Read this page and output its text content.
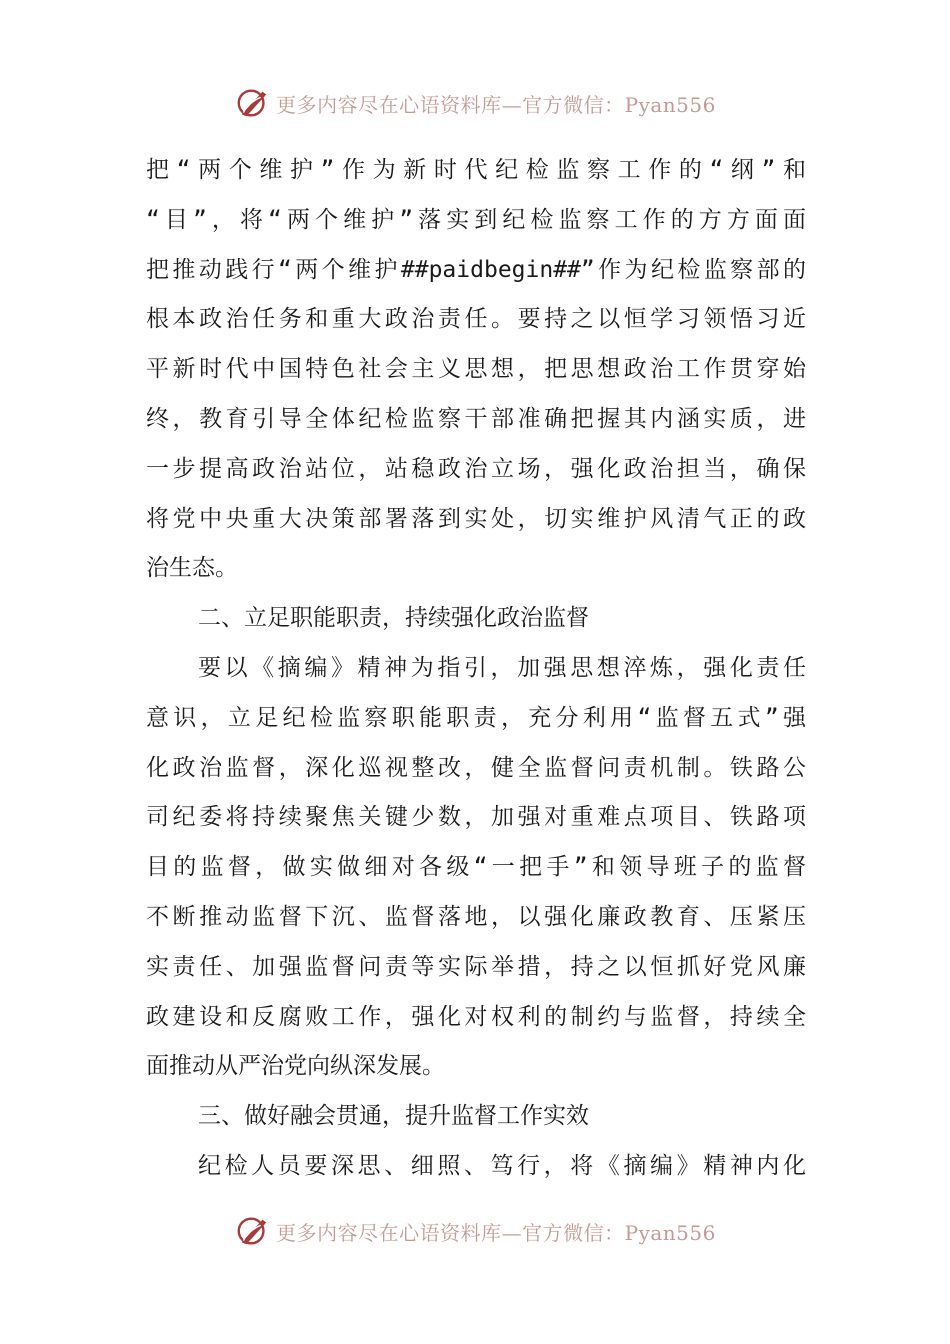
更多内容尽在心语资料库—官方微信：Pyan556
把“两个维护”作为新时代纪检监察工作的“纲”和
“目”，将“两个维护”落实到纪检监察工作的方方面面
把推动践行“两个维护##paidbegin##”作为纪检监察部的
根本政治任务和重大政治责任。要持之以恒学习领悟习近
平新时代中国特色社会主义思想，把思想政治工作贯穿始
终，教育引导全体纪检监察干部准确把握其内涵实质，进
一步提高政治站位，站稳政治立场，强化政治担当，确保
将党中央重大决策部署落到实处，切实维护风清气正的政
治生态。
二、立足职能职责，持续强化政治监督
要以《摘编》精神为指引，加强思想淬炼，强化责任
意识，立足纪检监察职能职责，充分利用“监督五式”强
化政治监督，深化巡视整改，健全监督问责机制。铁路公
司纪委将持续聚焦关键少数，加强对重难点项目、铁路项
目的监督，做实做细对各级“一把手”和领导班子的监督
不断推动监督下沉、监督落地，以强化廉政教育、压紧压
实责任、加强监督问责等实际举措，持之以恒抓好党风廉
政建设和反腐败工作，强化对权利的制约与监督，持续全
面推动从严治党向纵深发展。
三、做好融会贯通，提升监督工作实效
纪检人员要深思、细照、笃行，将《摘编》精神内化
更多内容尽在心语资料库—官方微信：Pyan556
